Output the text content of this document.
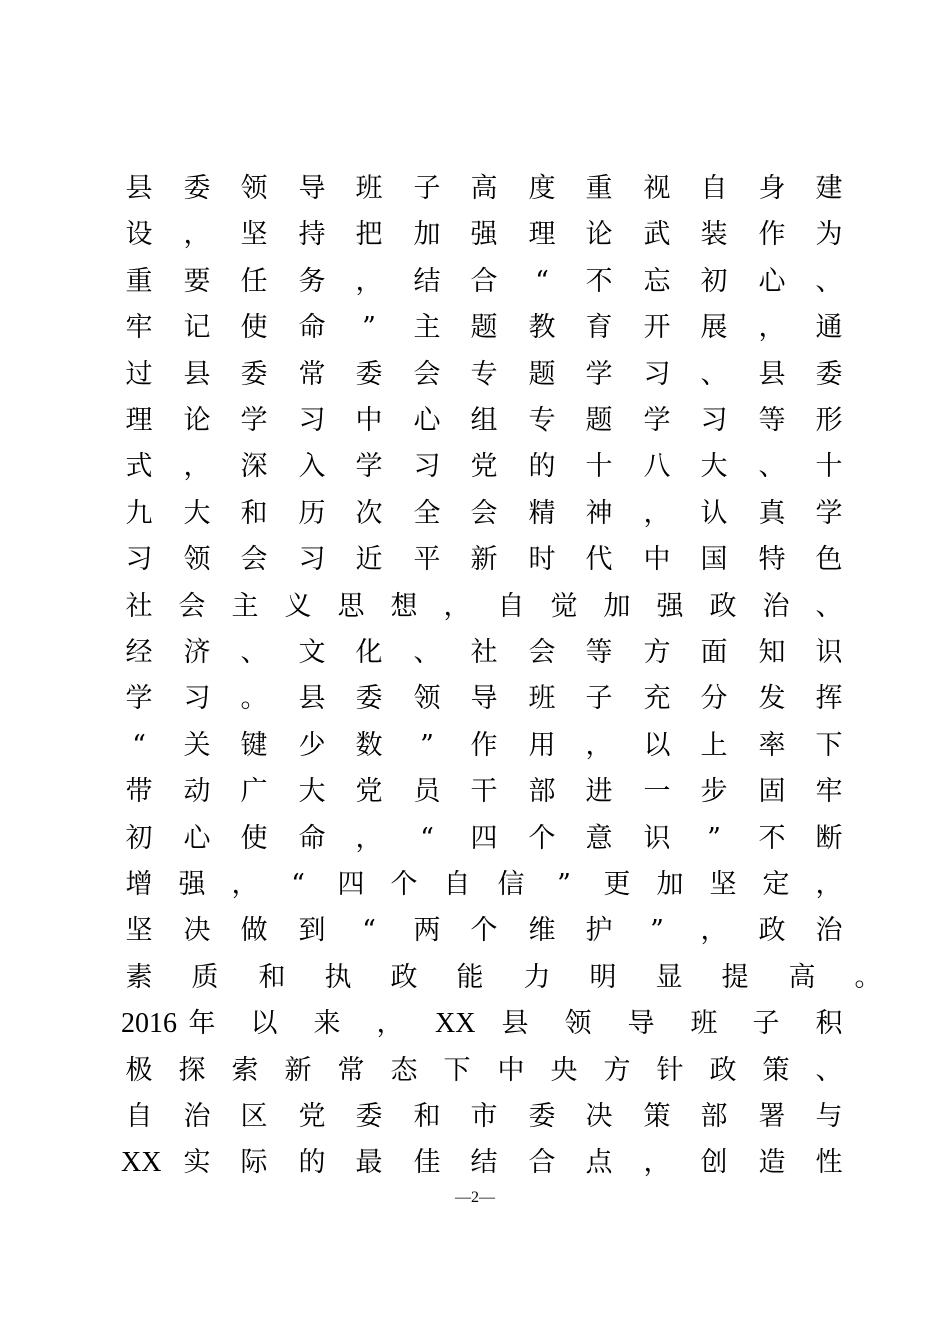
县 委 领 导 班 子 高 度 重 视 自 身 建
设 ， 坚 持 把 加 强 理 论 武 装 作 为
重 要 任 务 ， 结 合	“	不 忘 初 心 、
牢 记 使 命	”	主 题 教 育 开 展 ， 通
过 县 委 常 委 会 专 题 学 习 、 县 委
理 论 学 习 中 心 组 专 题 学 习 等 形
式 ， 深 入 学 习 党 的 十 八 大 、 十
九 大 和 历 次 全 会 精 神 ， 认 真 学
习 领 会 习 近 平 新 时 代 中 国 特 色
社 会 主 义 思 想 ， 自 觉 加 强 政 治 、
经 济 、 文 化 、 社 会 等 方 面 知 识
学 习 。 县 委 领 导 班 子 充 分 发 挥
“	关 键 少 数	”	作 用 ， 以 上 率 下
带 动 广 大 党 员 干 部 进 一 步 固 牢
初 心 使 命 ，	“	四 个 意 识	”	不 断
增 强 ，	“	四 个 自 信	”	更 加 坚 定 ，
坚 决 做 到	“	两 个 维 护	”	， 政 治
素 质 和 执 政 能 力 明 显 提 高 。
2016 年 以 来 ， XX 县 领 导 班 子 积
极 探 索 新 常 态 下 中 央 方 针 政 策 、
自 治 区 党 委 和 市 委 决 策 部 署 与
XX 实 际 的 最 佳 结 合 点 ， 创 造 性
—2—
